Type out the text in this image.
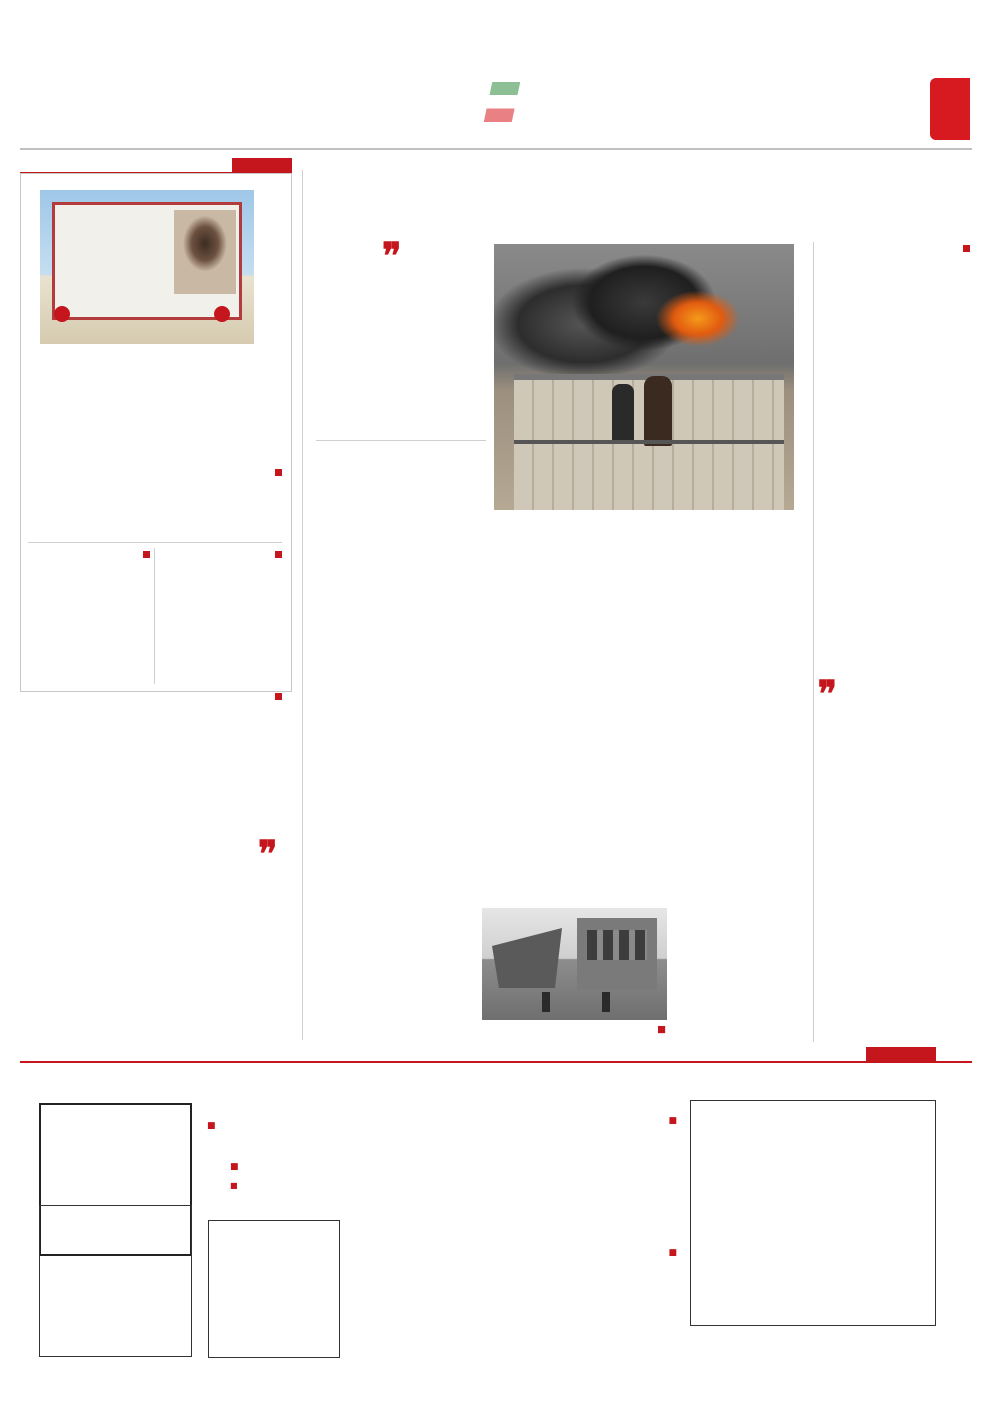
❞

❞

■

❞
■
■
■
■
■
